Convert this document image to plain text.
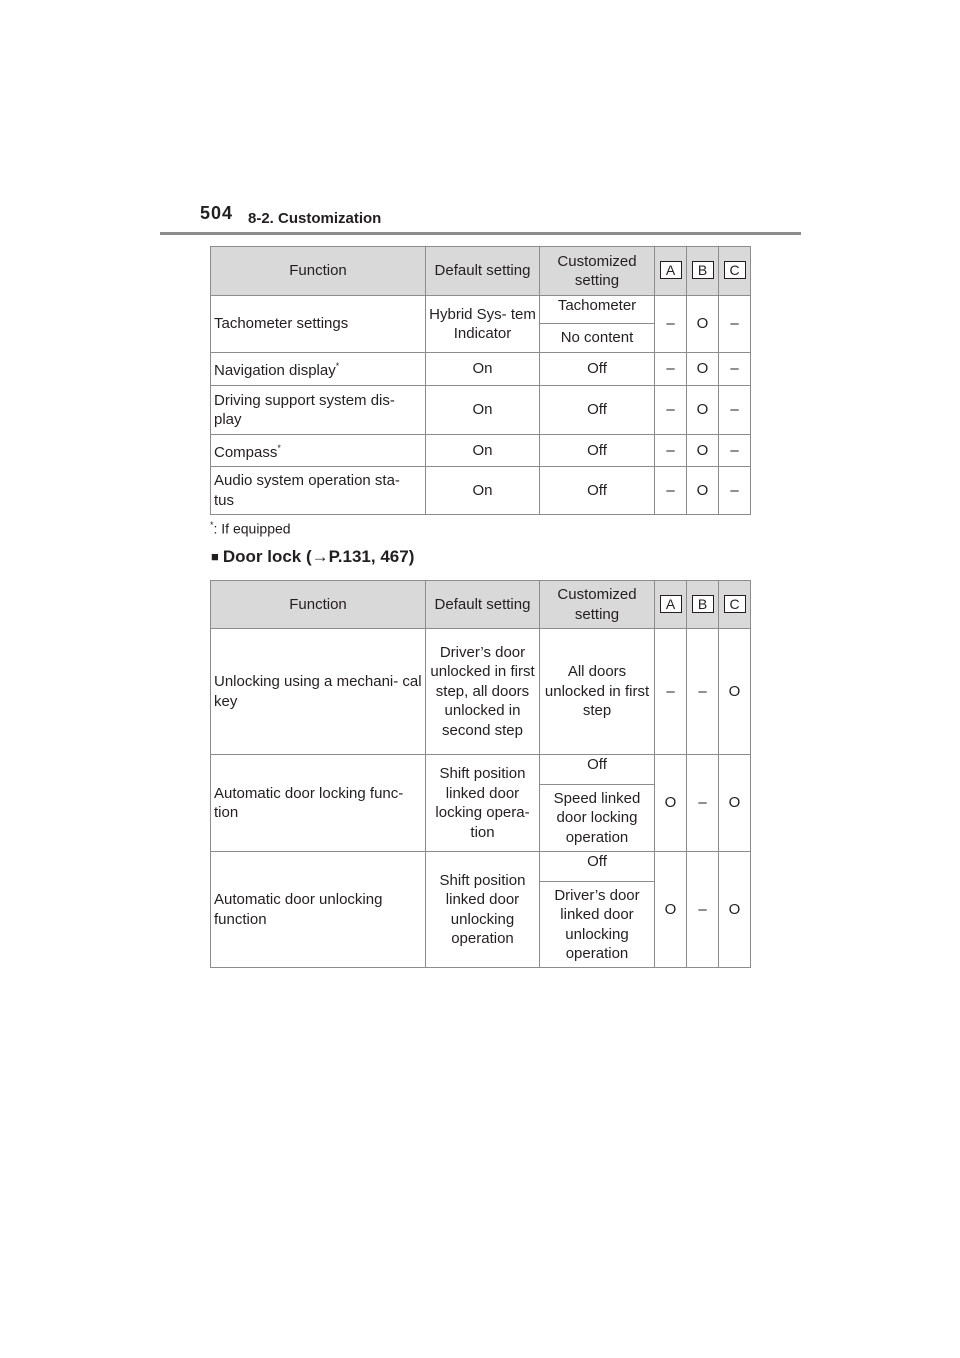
504 8-2. Customization
Function	Default setting	Customized setting	A	B	C
Tachometer settings	Hybrid Sys- tem Indicator	Tachometer	–	O	–
		No content			
Navigation display*	On	Off	–	O	–
Driving support system dis- play	On	Off	–	O	–
Compass*	On	Off	–	O	–
Audio system operation sta- tus	On	Off	–	O	–
*: If equipped
■ Door lock (→P.131, 467)
Function	Default setting	Customized setting	A	B	C
Unlocking using a mechani- cal key	Driver’s door unlocked in first step, all doors unlocked in second step	All doors unlocked in first step	–	–	O
Automatic door locking func- tion	Shift position linked door locking opera- tion	Off	O	–	O
		Speed linked door locking operation			
Automatic door unlocking function	Shift position linked door unlocking operation	Off	O	–	O
		Driver’s door linked door unlocking operation			
